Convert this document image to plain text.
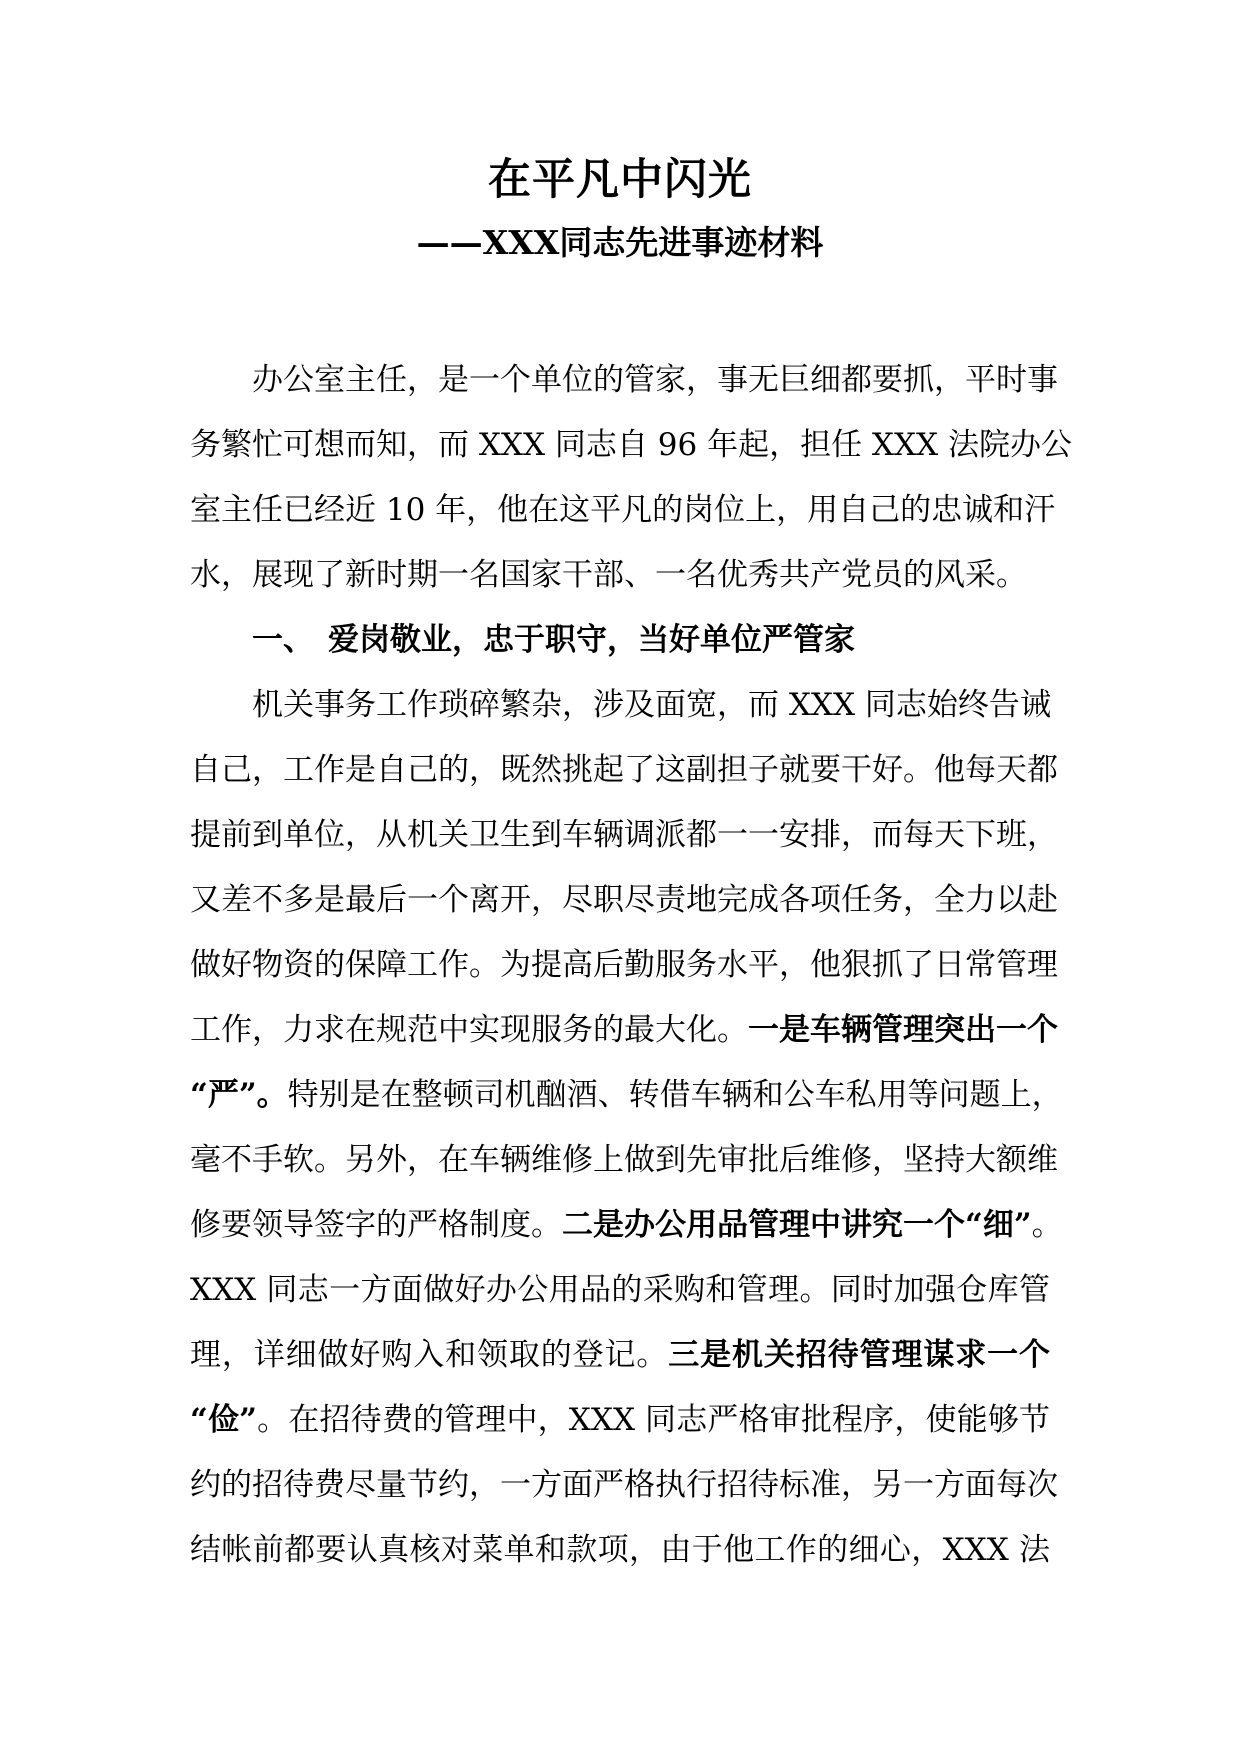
在平凡中闪光
——XXX同志先进事迹材料
办公室主任，是一个单位的管家，事无巨细都要抓，平时事
务繁忙可想而知，而 XXX 同志自 96 年起，担任 XXX 法院办公
室主任已经近 10 年，他在这平凡的岗位上，用自己的忠诚和汗
水，展现了新时期一名国家干部、一名优秀共产党员的风采。
一、 爱岗敬业，忠于职守，当好单位严管家
机关事务工作琐碎繁杂，涉及面宽，而 XXX 同志始终告诫
自己，工作是自己的，既然挑起了这副担子就要干好。他每天都
提前到单位，从机关卫生到车辆调派都一一安排，而每天下班，
又差不多是最后一个离开，尽职尽责地完成各项任务，全力以赴
做好物资的保障工作。为提高后勤服务水平，他狠抓了日常管理
工作，力求在规范中实现服务的最大化。一是车辆管理突出一个
“严”。特别是在整顿司机酗酒、转借车辆和公车私用等问题上，
毫不手软。另外，在车辆维修上做到先审批后维修，坚持大额维
修要领导签字的严格制度。二是办公用品管理中讲究一个“细”。
XXX 同志一方面做好办公用品的采购和管理。同时加强仓库管
理，详细做好购入和领取的登记。三是机关招待管理谋求一个
“俭”。在招待费的管理中，XXX 同志严格审批程序，使能够节
约的招待费尽量节约，一方面严格执行招待标准，另一方面每次
结帐前都要认真核对菜单和款项，由于他工作的细心，XXX 法
